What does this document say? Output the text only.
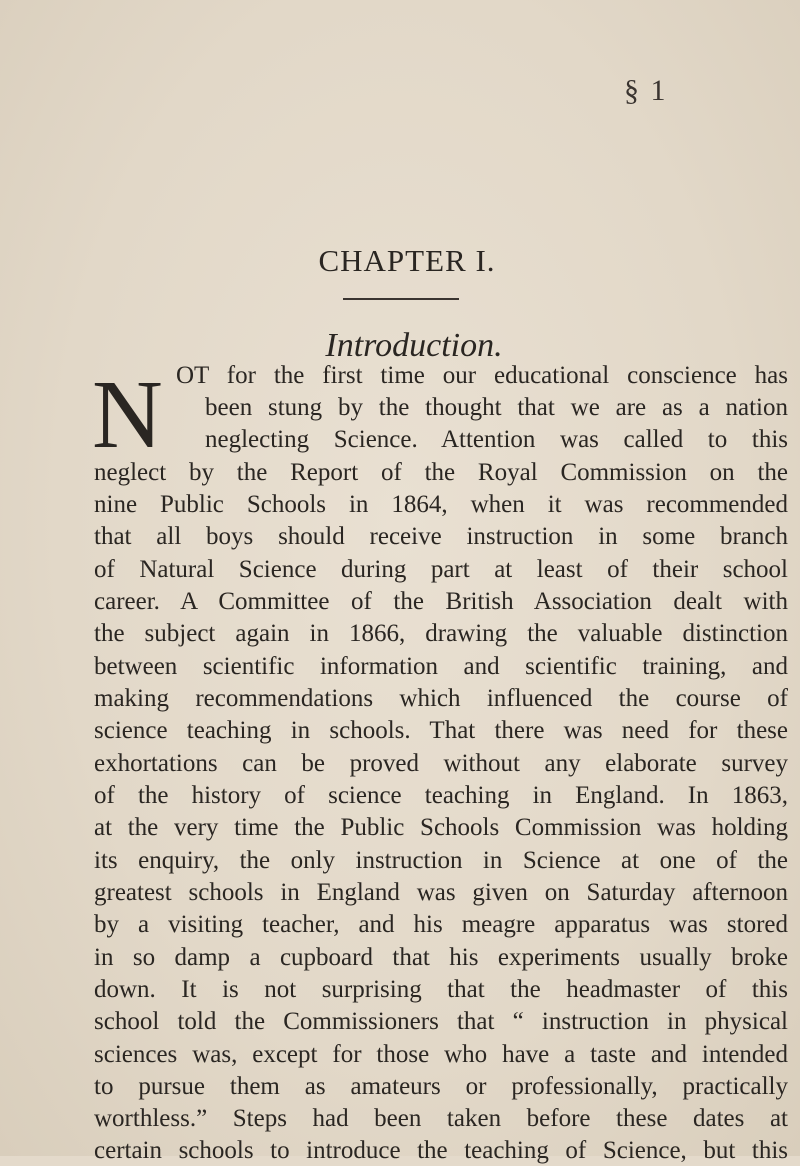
§ 1
CHAPTER I.
Introduction.
N OT for the first time our educational conscience has
been stung by the thought that we are as a nation
neglecting Science. Attention was called to this
neglect by the Report of the Royal Commission on the
nine Public Schools in 1864, when it was recommended
that all boys should receive instruction in some branch
of Natural Science during part at least of their school
career. A Committee of the British Association dealt with
the subject again in 1866, drawing the valuable distinction
between scientific information and scientific training, and
making recommendations which influenced the course of
science teaching in schools. That there was need for these
exhortations can be proved without any elaborate survey
of the history of science teaching in England. In 1863,
at the very time the Public Schools Commission was holding
its enquiry, the only instruction in Science at one of the
greatest schools in England was given on Saturday afternoon
by a visiting teacher, and his meagre apparatus was stored
in so damp a cupboard that his experiments usually broke
down. It is not surprising that the headmaster of this
school told the Commissioners that “ instruction in physical
sciences was, except for those who have a taste and intended
to pursue them as amateurs or professionally, practically
worthless.” Steps had been taken before these dates at
certain schools to introduce the teaching of Science, but this
